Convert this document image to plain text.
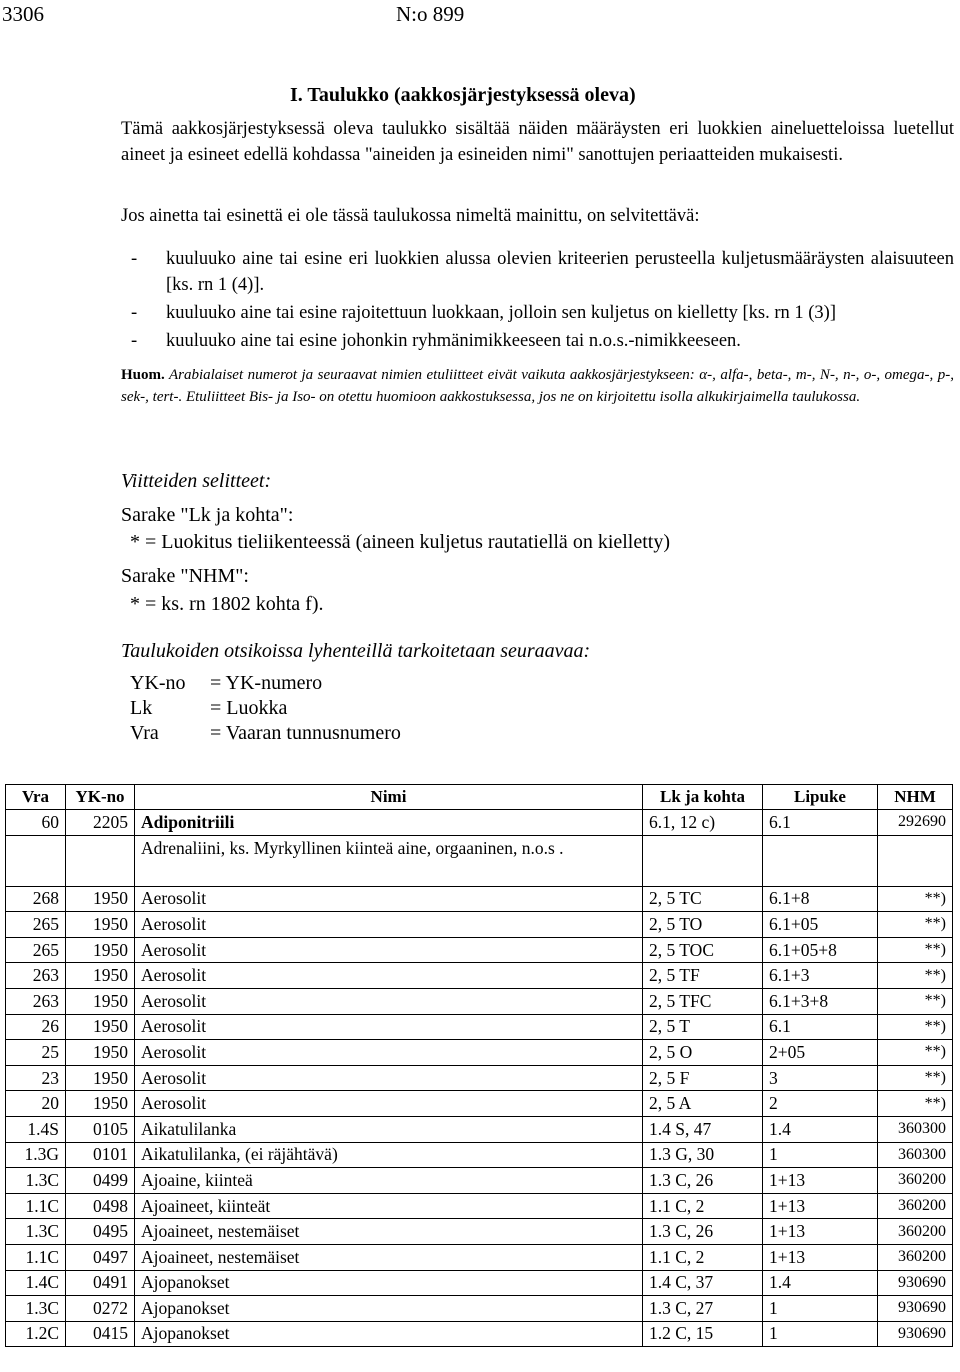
3306	N:o 899
I. Taulukko (aakkosjärjestyksessä oleva)

Tämä aakkosjärjestyksessä oleva taulukko sisältää näiden määräysten eri luokkien aineluetteloissa luetellut aineet ja esineet edellä kohdassa "aineiden ja esineiden nimi" sanottujen periaatteiden mukaisesti.

Jos ainetta tai esinettä ei ole tässä taulukossa nimeltä mainittu, on selvitettävä:
- kuuluuko aine tai esine eri luokkien alussa olevien kriteerien perusteella kuljetusmääräysten alaisuuteen [ks. rn 1 (4)].
- kuuluuko aine tai esine rajoitettuun luokkaan, jolloin sen kuljetus on kielletty [ks. rn 1 (3)]
- kuuluuko aine tai esine johonkin ryhmänimikkeeseen tai n.o.s.-nimikkeeseen.
Huom. Arabialaiset numerot ja seuraavat nimien etuliitteet eivät vaikuta aakkosjärjestykseen: α-, alfa-, beta-, m-, N-, n-, o-, omega-, p-, sek-, tert-. Etuliitteet Bis- ja Iso- on otettu huomioon aakkostuksessa, jos ne on kirjoitettu isolla alkukirjaimella taulukossa.
Viitteiden selitteet:
Sarake "Lk ja kohta":
* = Luokitus tieliikenteessä (aineen kuljetus rautatiellä on kielletty)
Sarake "NHM":
* = ks. rn 1802 kohta f).
Taulukoiden otsikoissa lyhenteillä tarkoitetaan seuraavaa:
YK-no = YK-numero
Lk	= Luokka
Vra	= Vaaran tunnusnumero
Vra	YK-no	Nimi	Lk ja kohta	Lipuke	NHM
60	2205	Adiponitriili	6.1, 12 c)	6.1	292690
		Adrenaliini, ks. Myrkyllinen kiinteä aine, orgaaninen, n.o.s .			
268	1950	Aerosolit	2, 5 TC	6.1+8	**)
265	1950	Aerosolit	2, 5 TO	6.1+05	**)
265	1950	Aerosolit	2, 5 TOC	6.1+05+8	**)
263	1950	Aerosolit	2, 5 TF	6.1+3	**)
263	1950	Aerosolit	2, 5 TFC	6.1+3+8	**)
26	1950	Aerosolit	2, 5 T	6.1	**)
25	1950	Aerosolit	2, 5 O	2+05	**)
23	1950	Aerosolit	2, 5 F	3	**)
20	1950	Aerosolit	2, 5 A	2	**)
1.4S	0105	Aikatulilanka	1.4 S, 47	1.4	360300
1.3G	0101	Aikatulilanka, (ei räjähtävä)	1.3 G, 30	1	360300
1.3C	0499	Ajoaine, kiinteä	1.3 C, 26	1+13	360200
1.1C	0498	Ajoaineet, kiinteät	1.1 C, 2	1+13	360200
1.3C	0495	Ajoaineet, nestemäiset	1.3 C, 26	1+13	360200
1.1C	0497	Ajoaineet, nestemäiset	1.1 C, 2	1+13	360200
1.4C	0491	Ajopanokset	1.4 C, 37	1.4	930690
1.3C	0272	Ajopanokset	1.3 C, 27	1	930690
1.2C	0415	Ajopanokset	1.2 C, 15	1	930690
